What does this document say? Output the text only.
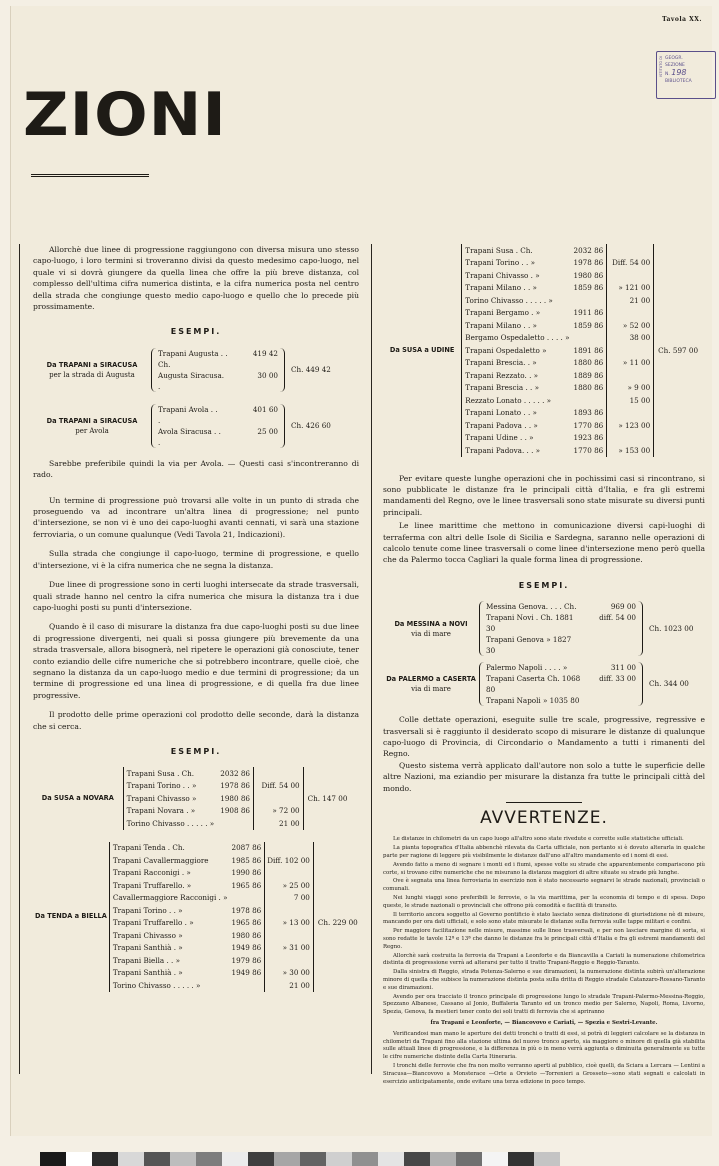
Tavola XX.
ISTITUTO DI GEOGR.
SEZIONE
N. 198
BIBLIOTECA
ZIONI

Allorchè due linee di progressione raggiungono con diversa misura uno stesso capo-luogo, i loro termini si troveranno divisi da questo medesimo capo-luogo, nel quale vi si dovrà giungere da quella linea che offre la più breve distanza, col complesso dell'ultima cifra numerica distinta, e la cifra numerica posta nel centro della strada che congiunge questo medio capo-luogo e quello che lo precede più prossimamente.

ESEMPI.
Da TRAPANI a SIRACUSA
per la strada di Augusta
Trapani Augusta . . Ch.
419 42
Augusta Siracusa. .
30 00
Ch. 449 42
Da TRAPANI a SIRACUSA
per Avola
Trapani Avola . . .
401 60
Avola Siracusa . . .
25 00
Ch. 426 60

Sarebbe preferibile quindi la via per Avola. — Questi casi s'incontreranno di rado.

Un termine di progressione può trovarsi alle volte in un punto di strada che proseguendo va ad incontrare un'altra linea di progressione; nel punto d'intersezione, se non vi è uno dei capo-luoghi avanti cennati, vi sarà una stazione ferroviaria, o un comune qualunque (Vedi Tavola 21, Indicazioni).

Sulla strada che congiunge il capo-luogo, termine di progressione, e quello d'intersezione, vi è la cifra numerica che ne segna la distanza.

Due linee di progressione sono in certi luoghi intersecate da strade trasversali, quali strade hanno nel centro la cifra numerica che misura la distanza tra i due capo-luoghi posti su punti d'intersezione.

Quando è il caso di misurare la distanza fra due capo-luoghi posti su due linee di progressione divergenti, nei quali si possa giungere più brevemente da una strada trasversale, allora bisognerà, nel ripetere le operazioni già conosciute, tener conto eziandio delle cifre numeriche che si potrebbero incontrare, quelle cioè, che segnano la distanza da un capo-luogo medio e due termini di progressione; da un termine di progressione ed una linea di progressione, e di quella fra due linee progressive.

Il prodotto delle prime operazioni col prodotto delle seconde, darà la distanza che si cerca.

ESEMPI.
Da SUSA a NOVARA	Trapani Susa . Ch.	2032 86		
	Trapani Torino . . »	1978 86	Diff. 54 00	
	Trapani Chivasso »	1980 86		Ch. 147 00
	Trapani Novara . »	1908 86	» 72 00	
	Torino Chivasso . . . . . »		21 00	
Da TENDA a BIELLA	Trapani Tenda . Ch.	2087 86		
	Trapani Cavallermaggiore	1985 86	Diff. 102 00	
	Trapani Racconigi . »	1990 86		
	Trapani Truffarello. »	1965 86	» 25 00	
	Cavallermaggiore Racconigi . »		7 00	
	Trapani Torino . . »	1978 86		
	Trapani Truffarello . »	1965 86	» 13 00	Ch. 229 00
	Trapani Chivasso »	1980 86		
	Trapani Santhià . »	1949 86	» 31 00	
	Trapani Biella . . »	1979 86		
	Trapani Santhià . »	1949 86	» 30 00	
	Torino Chivasso . . . . . »		21 00	
Da SUSA a UDINE	Trapani Susa . Ch.	2032 86		Ch. 597 00
	Trapani Torino . . »	1978 86	Diff. 54 00	
	Trapani Chivasso . »	1980 86		
	Trapani Milano . . »	1859 86	» 121 00	
	Torino Chivasso . . . . . »		21 00	
	Trapani Bergamo . »	1911 86		
	Trapani Milano . . »	1859 86	» 52 00	
	Bergamo Ospedaletto . . . . »		38 00	
	Trapani Ospedaletto »	1891 86		
	Trapani Brescia. . »	1880 86	» 11 00	
	Trapani Rezzato. . »	1889 86		
	Trapani Brescia . . »	1880 86	» 9 00	
	Rezzato Lonato . . . . . »		15 00	
	Trapani Lonato . . »	1893 86		
	Trapani Padova . . »	1770 86	» 123 00	
	Trapani Udine . . »	1923 86		
	Trapani Padova. . . »	1770 86	» 153 00	

Per evitare queste lunghe operazioni che in pochissimi casi si rincontrano, si sono pubblicate le distanze fra le principali città d'Italia, e fra gli estremi mandamenti del Regno, ove le linee trasversali sono state misurate su diversi punti principali.

Le linee marittime che mettono in comunicazione diversi capi-luoghi di terraferma con altri delle Isole di Sicilia e Sardegna, saranno nelle operazioni di calcolo tenute come linee trasversali o come linee d'intersezione meno però quella che da Palermo tocca Cagliari la quale forma linea di progressione.

ESEMPI.
Da MESSINA a NOVI
via di mare
Messina Genova. . . . Ch.	969 00
Trapani Novi . Ch. 1881 30
diff. 54 00
Trapani Genova » 1827 30
Ch. 1023 00
Da PALERMO a CASERTA
via di mare
Palermo Napoli . . . . »	311 00
Trapani Caserta Ch. 1068 80
diff. 33 00
Trapani Napoli » 1035 80
Ch. 344 00

Colle dettate operazioni, eseguite sulle tre scale, progressive, regressive e trasversali si è raggiunto il desiderato scopo di misurare le distanze di qualunque capo-luogo di Provincia, di Circondario o Mandamento a tutti i rimanenti del Regno.

Questo sistema verrà applicato dall'autore non solo a tutte le superficie delle altre Nazioni, ma eziandio per misurare la distanza fra tutte le principali città del mondo.

AVVERTENZE.

Le distanze in chilometri da un capo luogo all'altro sono state rivedute e corrette sulle statistiche ufficiali.

La pianta topografica d'Italia abbenchè rilevata da Carta ufficiale, non pertanto si è dovuto alterarla in qualche parte per ragione di leggere più visibilmente le distanze dall'uno all'altro mandamento ed i nomi di essi.

Avendo fatto a meno di segnare i monti ed i fiumi, spesse volte su strade che apparentemente compariscono più corte, si trovano cifre numeriche che ne misurano la distanza maggiori di altre situate su strade più lunghe.

Ove è segnata una linea ferroviaria in esercizio non è stato necessario segnarvi le strade nazionali, provinciali o comunali.

Nei lunghi viaggi sono preferibili le ferrovie, o la via marittima, per la economia di tempo e di spesa. Dopo queste, le strade nazionali o provinciali che offrono più comodità e facilità di transito.

Il territorio ancora soggetto al Governo pontificio è stato lasciato senza distinzione di giurisdizione nè di misure, mancando per ora dati ufficiali, e solo sono state misurate le distanze sulla ferrovia sulle tappe militari e confini.

Per maggiore facilitazione nelle misure, massime sulle linee trasversali, e per non lasciare margine di sorta, si sono redatte le tavole 12ª e 13ª che danno le distanze fra le principali città d'Italia e fra gli estremi mandamenti del Regno.

Allorchè sarà costruita la ferrovia da Trapani a Leonforte e da Biancavilla a Cariati la numerazione chilometrica distinta di progressione verrà ad alterarsi per tutto il tratto Trapani-Reggio e Reggio-Taranto.

Dalla sinistra di Reggio, strada Potenza-Salerno e sue diramazioni, la numerazione distinta subirà un'alterazione minore di quella che subisce la numerazione distinta posta sulla dritta di Reggio stradale Catanzaro-Rossano-Taranto e sue diramazioni.

Avendo per ora tracciato il tronco principale di progressione lungo lo stradale Trapani-Palermo-Messina-Reggio, Spezzano Albanese, Cassano al Jonio, Buffaleria Taranto ed un tronco medio per Salerno, Napoli, Roma, Livorno, Spezia, Genova, fa mestieri tener conto dei soli tratti di ferrovia che si apriranno

fra Trapani e Leonforte, — Biancovovo e Cariati, — Spezia e Sestri-Levante.

Verificandosi man mano le aperture dei detti tronchi o tratti di essi, si potrà di leggieri calcolare se la distanza in chilometri da Trapani fino alla stazione ultima del nuovo tronco aperto, sia maggiore o minore di quella già stabilita sulle attuali linee di progressione, e la differenza in più o in meno verrà aggiunta o diminuita generalmente su tutte le cifre numeriche distinte della Carta Itineraria.

I tronchi delle ferrovie che fra non molto verranno aperti al pubblico, cioè quelli, da Sciara a Lercara — Lentini a Siracusa—Biancovovo a Monsterace —Orte a Orvieto —Torrenieri a Grosseto—sono stati segnati e calcolati in esercizio anticipatamente, onde evitare una terza edizione in poco tempo.
